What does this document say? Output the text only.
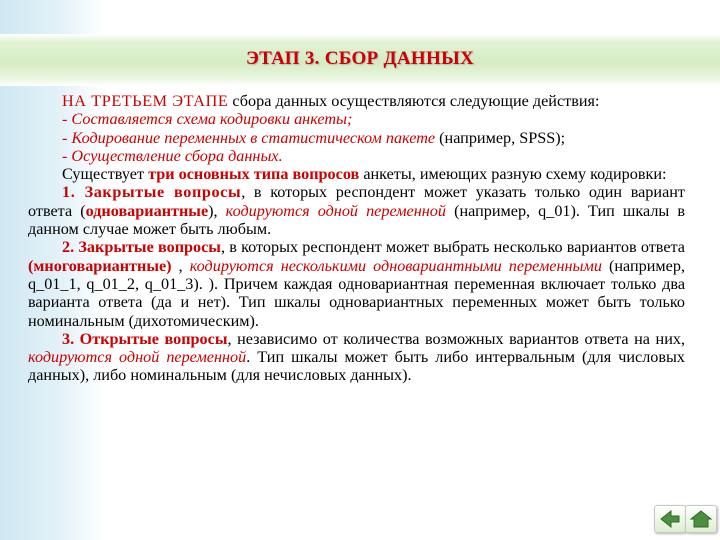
ЭТАП 3. СБОР ДАННЫХ

НА ТРЕТЬЕМ ЭТАПЕ сбора данных осуществляются следующие действия:

- Составляется схема кодировки анкеты;

- Кодирование переменных в статистическом пакете (например, SPSS);

- Осуществление сбора данных.

Существует три основных типа вопросов анкеты, имеющих разную схему кодировки:

1. Закрытые вопросы, в которых респондент может указать только один вариант ответа (одновариантные), кодируются одной переменной (например, q_01). Тип шкалы в данном случае может быть любым.

2. Закрытые вопросы, в которых респондент может выбрать несколько вариантов ответа (многовариантные) , кодируются несколькими одновариантными переменными (например, q_01_1, q_01_2, q_01_3). ). Причем каждая одновариантная переменная включает только два варианта ответа (да и нет). Тип шкалы одновариантных переменных может быть только номинальным (дихотомическим).

3. Открытые вопросы, независимо от количества возможных вариантов ответа на них, кодируются одной переменной. Тип шкалы может быть либо интервальным (для числовых данных), либо номинальным (для нечисловых данных).
